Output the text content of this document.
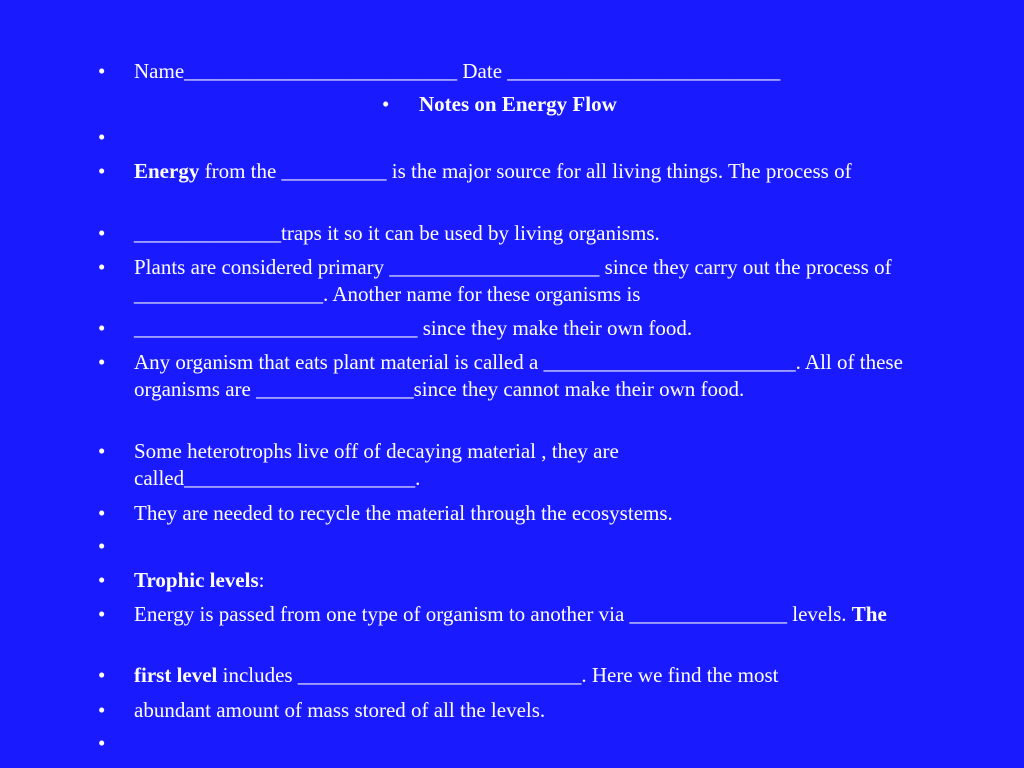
• Name__________________________ Date __________________________
• Notes on Energy Flow
•
• Energy from the __________ is the major source for all living things. The process of
• ______________traps it so it can be used by living organisms.
• Plants are considered primary ____________________ since they carry out the process of __________________. Another name for these organisms is
• ___________________________ since they make their own food.
• Any organism that eats plant material is called a ________________________. All of these organisms are _______________since they cannot make their own food.
• Some heterotrophs live off of decaying material , they are called______________________.
• They are needed to recycle the material through the ecosystems.
•
• Trophic levels:
• Energy is passed from one type of organism to another via _______________ levels. The
• first level includes ___________________________. Here we find the most
• abundant amount of mass stored of all the levels.
•
